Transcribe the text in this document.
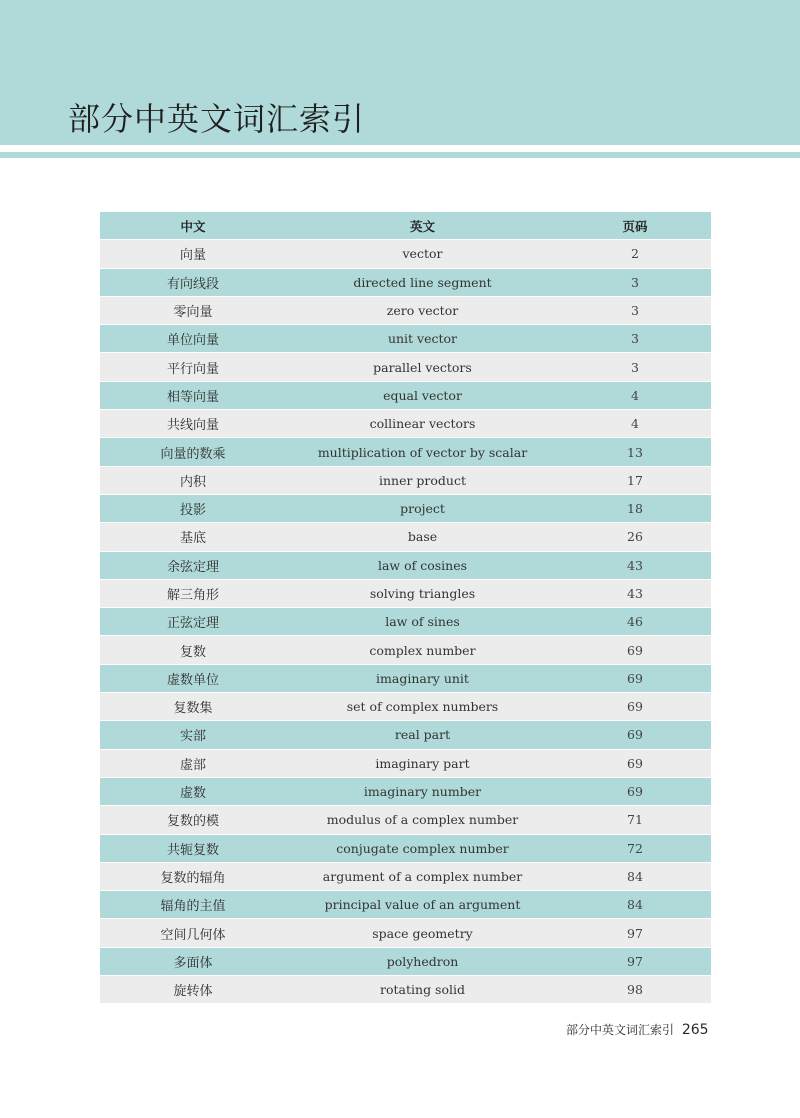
部分中英文词汇索引
中文	英文	页码
向量	vector	2
有向线段	directed line segment	3
零向量	zero vector	3
单位向量	unit vector	3
平行向量	parallel vectors	3
相等向量	equal vector	4
共线向量	collinear vectors	4
向量的数乘	multiplication of vector by scalar	13
内积	inner product	17
投影	project	18
基底	base	26
余弦定理	law of cosines	43
解三角形	solving triangles	43
正弦定理	law of sines	46
复数	complex number	69
虚数单位	imaginary unit	69
复数集	set of complex numbers	69
实部	real part	69
虚部	imaginary part	69
虚数	imaginary number	69
复数的模	modulus of a complex number	71
共轭复数	conjugate complex number	72
复数的辐角	argument of a complex number	84
辐角的主值	principal value of an argument	84
空间几何体	space geometry	97
多面体	polyhedron	97
旋转体	rotating solid	98
部分中英文词汇索引 265
